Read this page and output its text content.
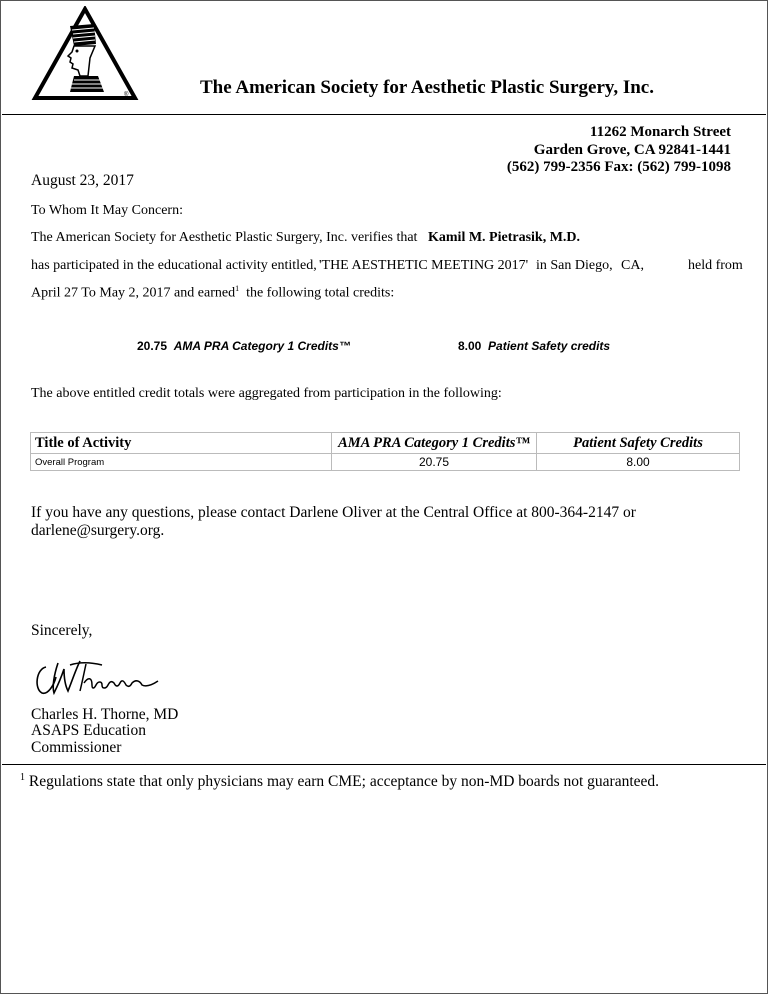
®	The American Society for Aesthetic Plastic Surgery, Inc.
11262 Monarch Street
Garden Grove, CA 92841-1441
(562) 799-2356 Fax: (562) 799-1098
August 23, 2017
To Whom It May Concern:
The American Society for Aesthetic Plastic Surgery, Inc. verifies that Kamil M. Pietrasik, M.D.
has participated in the educational activity entitled, 'THE AESTHETIC MEETING 2017' in San Diego, CA,	held from
April 27 To May 2, 2017 and earned$^1$ the following total credits:
20.75 AMA PRA Category 1 Credits™	8.00 Patient Safety credits
The above entitled credit totals were aggregated from participation in the following:
Title of Activity	AMA PRA Category 1 Credits™	Patient Safety Credits
Overall Program	20.75	8.00
If you have any questions, please contact Darlene Oliver at the Central Office at 800-364-2147 or
darlene@surgery.org.
Sincerely,
Charles H. Thorne, MD
ASAPS Education
Commissioner
$^1$ Regulations state that only physicians may earn CME; acceptance by non-MD boards not guaranteed.
